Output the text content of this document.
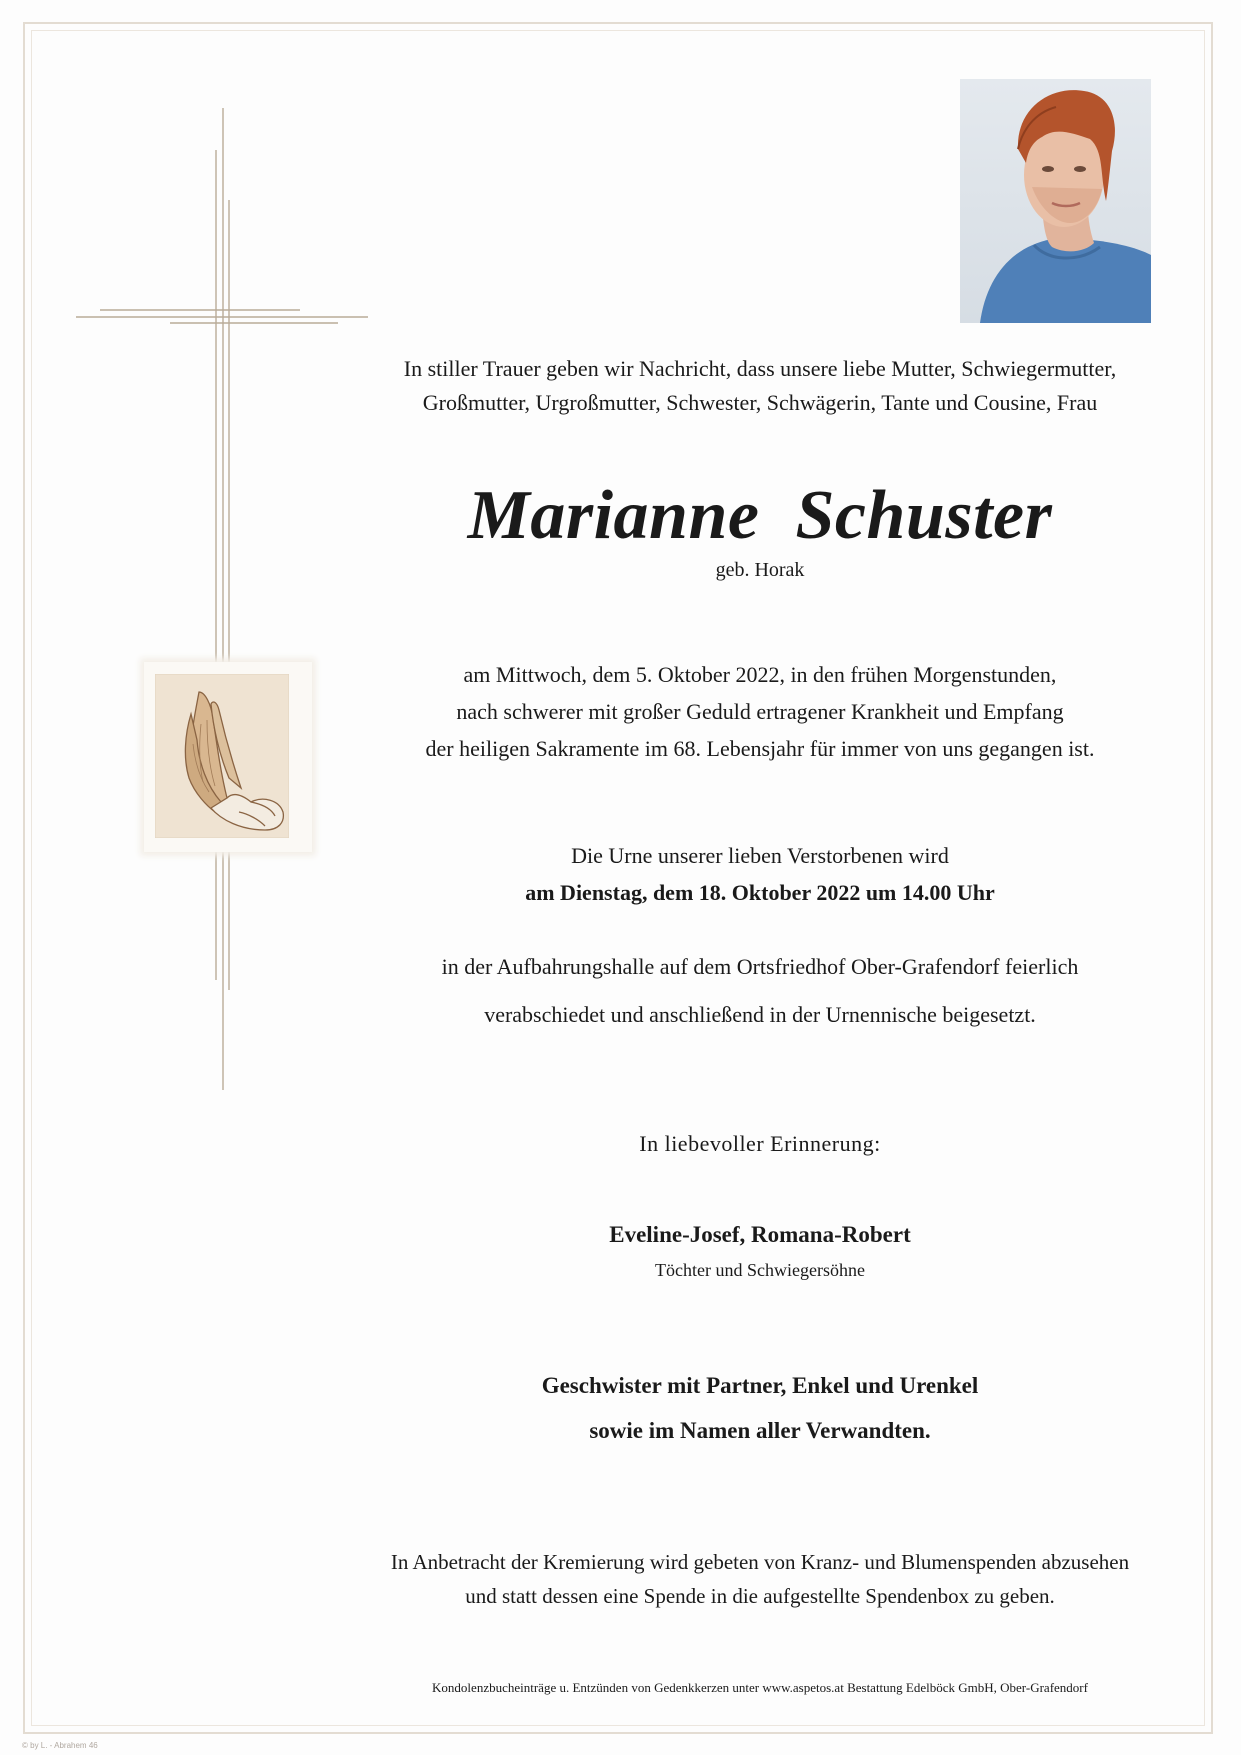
In stiller Trauer geben wir Nachricht, dass unsere liebe Mutter, Schwiegermutter,
Großmutter, Urgroßmutter, Schwester, Schwägerin, Tante und Cousine, Frau

Marianne Schuster

geb. Horak

am Mittwoch, dem 5. Oktober 2022, in den frühen Morgenstunden,
nach schwerer mit großer Geduld ertragener Krankheit und Empfang
der heiligen Sakramente im 68. Lebensjahr für immer von uns gegangen ist.

Die Urne unserer lieben Verstorbenen wird

am Dienstag, dem 18. Oktober 2022 um 14.00 Uhr

in der Aufbahrungshalle auf dem Ortsfriedhof Ober-Grafendorf feierlich

verabschiedet und anschließend in der Urnennische beigesetzt.

In liebevoller Erinnerung:

Eveline-Josef, Romana-Robert

Töchter und Schwiegersöhne

Geschwister mit Partner, Enkel und Urenkel
sowie im Namen aller Verwandten.

In Anbetracht der Kremierung wird gebeten von Kranz- und Blumenspenden abzusehen
und statt dessen eine Spende in die aufgestellte Spendenbox zu geben.

Kondolenzbucheinträge u. Entzünden von Gedenkkerzen unter www.aspetos.at Bestattung Edelböck GmbH, Ober-Grafendorf

© by L. - Abrahem 46
